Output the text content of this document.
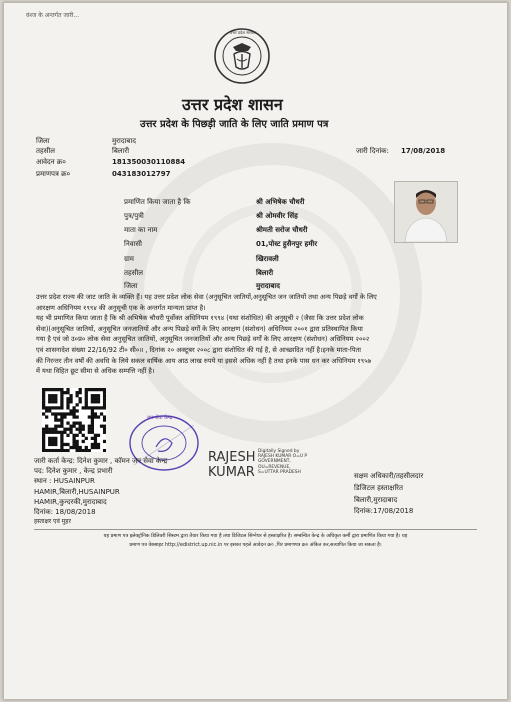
वंश्ज के अन्तर्गत जारी...
उत्तर प्रदेश सरकार
उत्तर प्रदेश शासन
उत्तर प्रदेश के पिछड़ी जाति के लिए जाति प्रमाण पत्र
जिला	मुरादाबाद
तहसील	बिलारी
आवेदन क्र०	181350030110884
प्रमाणपत्र क्र०	043183012797
जारी दिनांक: 17/08/2018
प्रमाणित किया जाता है कि	श्री अभिषेक चौधरी
पुत्र/पुत्री	श्री ओमवीर सिंह
माता का नाम	श्रीमती सरोज चौधरी
निवासी	01,पोस्ट हुसैनपुर हमीर
ग्राम	खिरावली
तहसील	बिलारी
जिला	मुरादाबाद
उत्तर प्रदेश राज्य की जाट जाति के व्यक्ति हैं। यह उत्तर प्रदेश लोक सेवा (अनुसूचित जातियों,अनुसूचित जन जातियों तथा अन्य पिछड़े वर्गों के लिए
आरक्षण अधिनियम १९९४ की अनुसूची एक के अन्तर्गत मान्यता प्राप्त है।
यह भी प्रमाणित किया जाता है कि श्री अभिषेक चौधरी पूर्वोक्त अधिनियम १९९४ (यथा संशोधित) की अनुसूची २ (जैसा कि उत्तर प्रदेश लोक
सेवा)(अनुसूचित जातियों, अनुसूचित जनजातियों और अन्य पिछड़े वर्गों के लिए आरक्षण (संशोधन) अधिनियम २००१ द्वारा प्रतिस्थापित किया
गया है एवं जो उ०प्र० लोक सेवा अनुसूचित जातियों, अनुसूचित जनजातियों और अन्य पिछड़े वर्गों के लिए आरक्षण (संशोधन) अधिनियम २००२
एवं शासनादेश संख्या 22/16/92 टी० सी०॥ , दिनांक २० अक्टूबर २००८ द्वारा संशोधित की गई है, से आच्छादित नहीं है।इनके माता-पिता
की निरन्तर तीन वर्षों की अवधि के लिये सकल वार्षिक आय आठ लाख रुपये या इससे अधिक नहीं है तथा इनके पास धन कर अधिनियम १९५७
में यथा विहित छूट सीमा से अधिक सम्पत्ति नहीं है।
जन सेवा केन्द्र
RAJESH
KUMAR
Digitally Signed by
RAJESH KUMAR O=U P
GOVERNMENT,
OU=REVENUE,
S=UTTAR PRADESH
जारी कर्ता केन्द्र: दिनेश कुमार , कॉमन जन सेवा केन्द्र
पद: दिनेश कुमार , केन्द्र प्रभारी
स्थान : HUSAINPUR
HAMIR,बिलारी,HUSAINPUR
HAMIR,कुन्दरकी,मुरादाबाद
दिनांक: 18/08/2018
हस्ताक्षर एवं मुहर
सक्षम अधिकारी/तहसीलदार
डिजिटल हस्ताक्षरित
बिलारी,मुरादाबाद
दिनांक:17/08/2018
यह प्रमाण पत्र इलेक्ट्रॉनिक डिलिवरी सिस्टम द्वारा तैयार किया गया है तथा डिजिटल सिग्नेचर से हस्ताक्षरित है। सम्बन्धित केन्द्र के अधिकृत कर्मी द्वारा प्रमाणित किया गया है। यह
प्रमाण पत्र वेबसाइट http://edistrict.up.nic.in पर इसका पहले आवेदन क्र० ,पिर प्रमाणपत्र क्र० अंकित कर,सत्यापित किया जा सकता है।
